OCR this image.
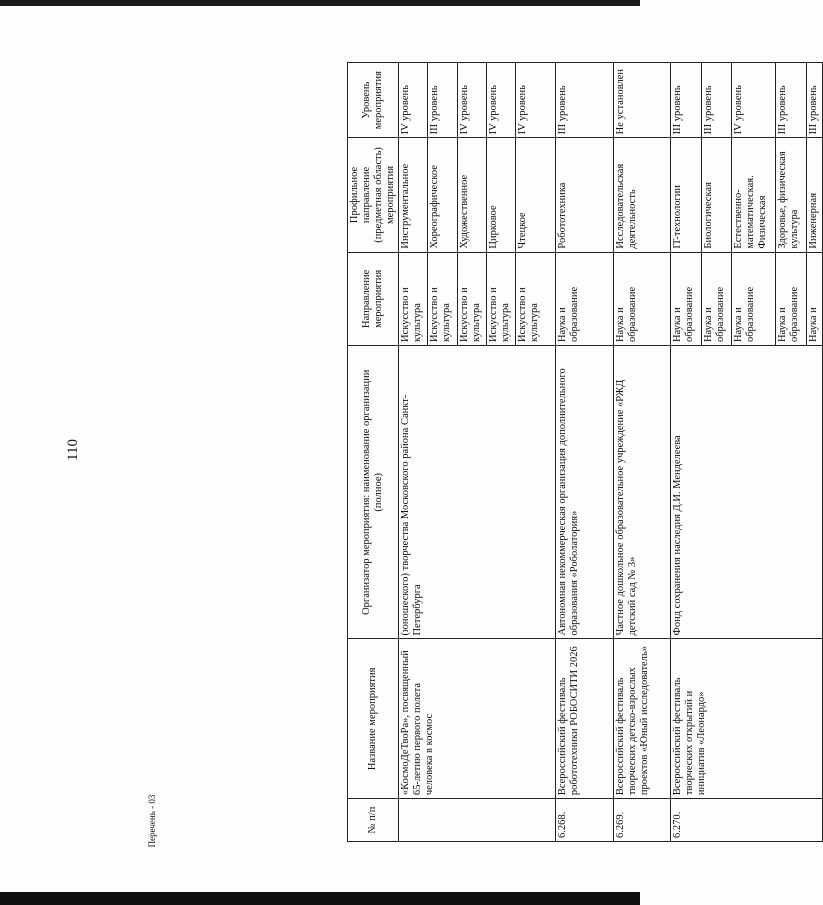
110
№ п/п	Название мероприятия	Организатор мероприятия: наименование организации (полное)	Направление мероприятия	Профильное направление (предметная область) мероприятия	Уровень мероприятия
	«КосмоДеТвоРа», посвященный 65-летию первого полета человека в космос	(юношеского) творчества Московского района Санкт-Петербурга	Искусство и культура	Инструментальное	IV уровень
			Искусство и культура	Хореографическое	III уровень
			Искусство и культура	Художественное	IV уровень
			Искусство и культура	Цирковое	IV уровень
			Искусство и культура	Чтецкое	IV уровень
6.268.	Всероссийский фестиваль робототехники РОБОСИТИ 2026	Автономная некоммерческая организация дополнительного образования «Роболатория»	Наука и образование	Робототехника	III уровень
6.269.	Всероссийский фестиваль творческих детско-взрослых проектов «Юный исследователь»	Частное дошкольное образовательное учреждение «РЖД детский сад № 3»	Наука и образование	Исследовательская деятельность	Не установлен
6.270.	Всероссийский фестиваль творческих открытий и инициатив «Леонардо»	Фонд сохранения наследия Д.И. Менделеева	Наука и образование	IT-технологии	III уровень
			Наука и образование	Биологическая	III уровень
			Наука и образование	Естественно-математическая. Физическая	IV уровень
			Наука и образование	Здоровье, физическая культура	III уровень
			Наука и	Инженерная	III уровень
Перечень - 03
